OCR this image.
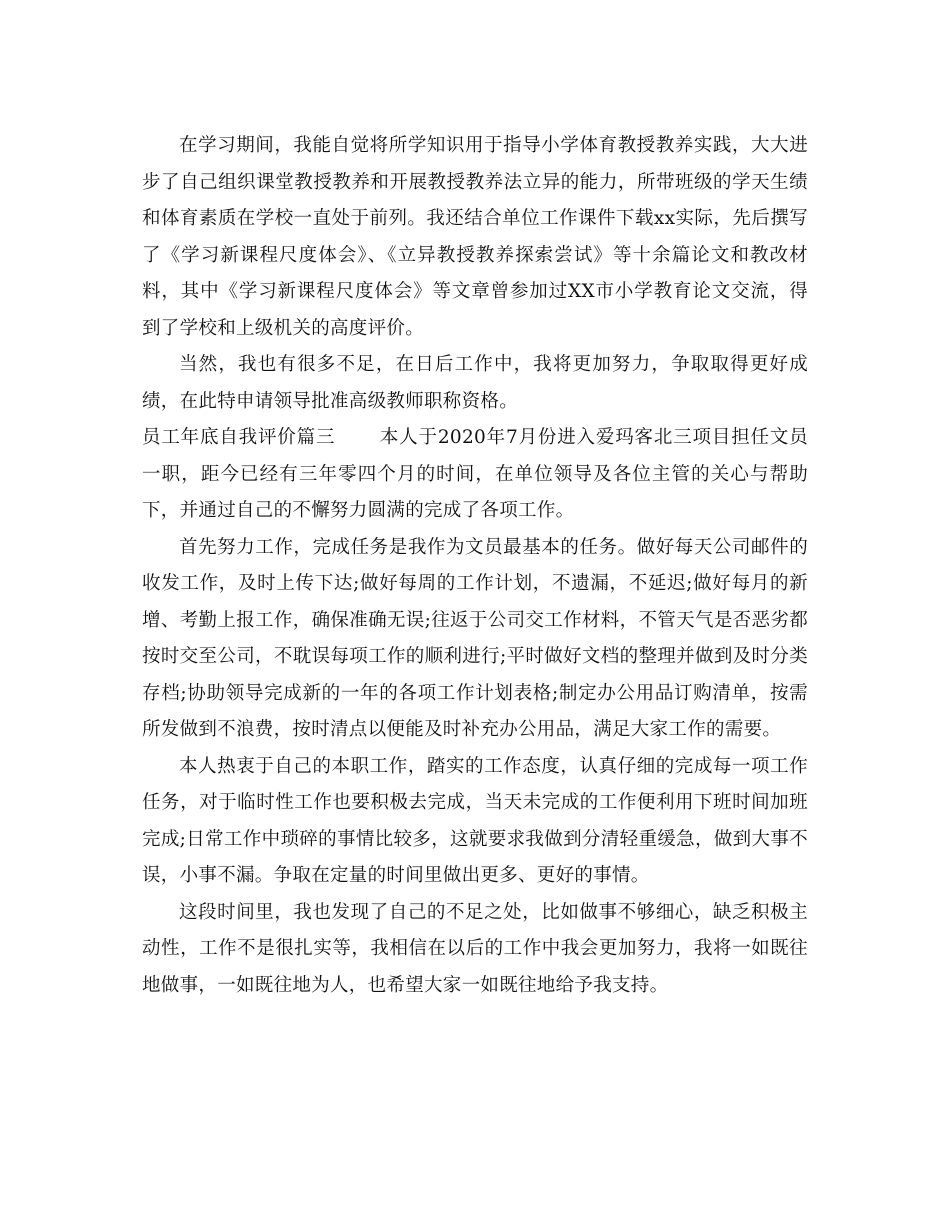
在学习期间，我能自觉将所学知识用于指导小学体育教授教养实践，大大进步了自己组织课堂教授教养和开展教授教养法立异的能力，所带班级的学天生绩和体育素质在学校一直处于前列。我还结合单位工作课件下载xx实际，先后撰写了《学习新课程尺度体会》、《立异教授教养探索尝试》等十余篇论文和教改材料，其中《学习新课程尺度体会》等文章曾参加过XX市小学教育论文交流，得到了学校和上级机关的高度评价。

当然，我也有很多不足，在日后工作中，我将更加努力，争取取得更好成绩，在此特申请领导批准高级教师职称资格。

员工年底自我评价篇三 本人于2020年7月份进入爱玛客北三项目担任文员一职，距今已经有三年零四个月的时间，在单位领导及各位主管的关心与帮助下，并通过自己的不懈努力圆满的完成了各项工作。

首先努力工作，完成任务是我作为文员最基本的任务。做好每天公司邮件的收发工作，及时上传下达;做好每周的工作计划，不遗漏，不延迟;做好每月的新增、考勤上报工作，确保准确无误;往返于公司交工作材料，不管天气是否恶劣都按时交至公司，不耽误每项工作的顺利进行;平时做好文档的整理并做到及时分类存档;协助领导完成新的一年的各项工作计划表格;制定办公用品订购清单，按需所发做到不浪费，按时清点以便能及时补充办公用品，满足大家工作的需要。

本人热衷于自己的本职工作，踏实的工作态度，认真仔细的完成每一项工作任务，对于临时性工作也要积极去完成，当天未完成的工作便利用下班时间加班完成;日常工作中琐碎的事情比较多，这就要求我做到分清轻重缓急，做到大事不误，小事不漏。争取在定量的时间里做出更多、更好的事情。

这段时间里，我也发现了自己的不足之处，比如做事不够细心，缺乏积极主动性，工作不是很扎实等，我相信在以后的工作中我会更加努力，我将一如既往地做事，一如既往地为人，也希望大家一如既往地给予我支持。
